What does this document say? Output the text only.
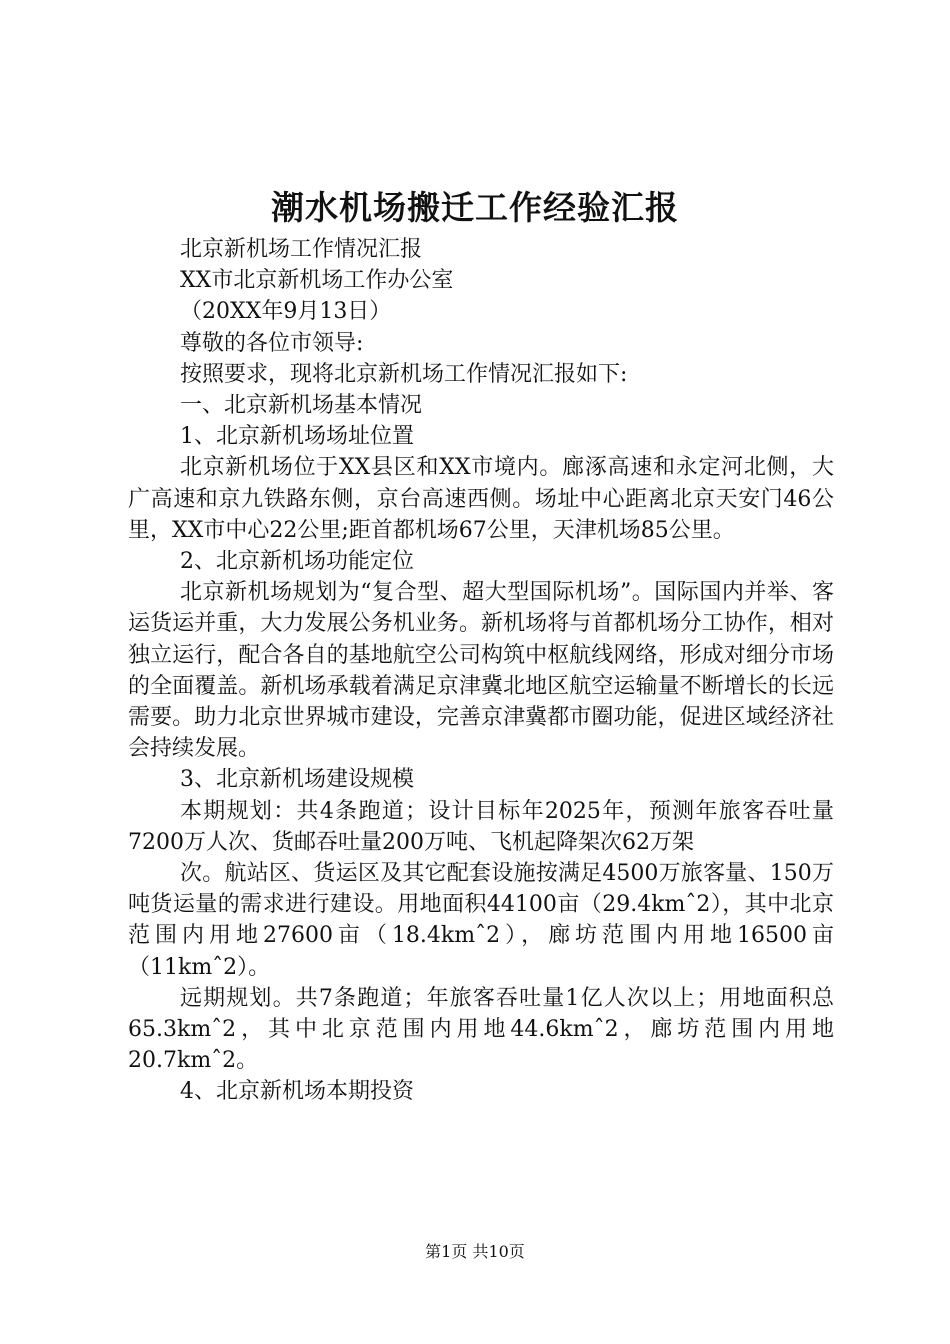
潮水机场搬迁工作经验汇报

北京新机场工作情况汇报

XX市北京新机场工作办公室

（20XX年9月13日）

尊敬的各位市领导:

按照要求，现将北京新机场工作情况汇报如下:

一、北京新机场基本情况

1、北京新机场场址位置

北京新机场位于XX县区和XX市境内。廊涿高速和永定河北侧，大广高速和京九铁路东侧，京台高速西侧。场址中心距离北京天安门46公里，XX市中心22公里;距首都机场67公里，天津机场85公里。

2、北京新机场功能定位

北京新机场规划为“复合型、超大型国际机场”。国际国内并举、客运货运并重，大力发展公务机业务。新机场将与首都机场分工协作，相对独立运行，配合各自的基地航空公司构筑中枢航线网络，形成对细分市场的全面覆盖。新机场承载着满足京津冀北地区航空运输量不断增长的长远需要。助力北京世界城市建设，完善京津冀都市圈功能，促进区域经济社会持续发展。

3、北京新机场建设规模

本期规划：共4条跑道；设计目标年2025年，预测年旅客吞吐量7200万人次、货邮吞吐量200万吨、飞机起降架次62万架

次。航站区、货运区及其它配套设施按满足4500万旅客量、150万吨货运量的需求进行建设。用地面积44100亩（29.4kmˆ2），其中北京范围内用地27600亩（18.4kmˆ2），廊坊范围内用地16500亩（11kmˆ2）。

远期规划。共7条跑道；年旅客吞吐量1亿人次以上；用地面积总65.3kmˆ2，其中北京范围内用地44.6kmˆ2，廊坊范围内用地20.7kmˆ2。

4、北京新机场本期投资

第1页 共10页
